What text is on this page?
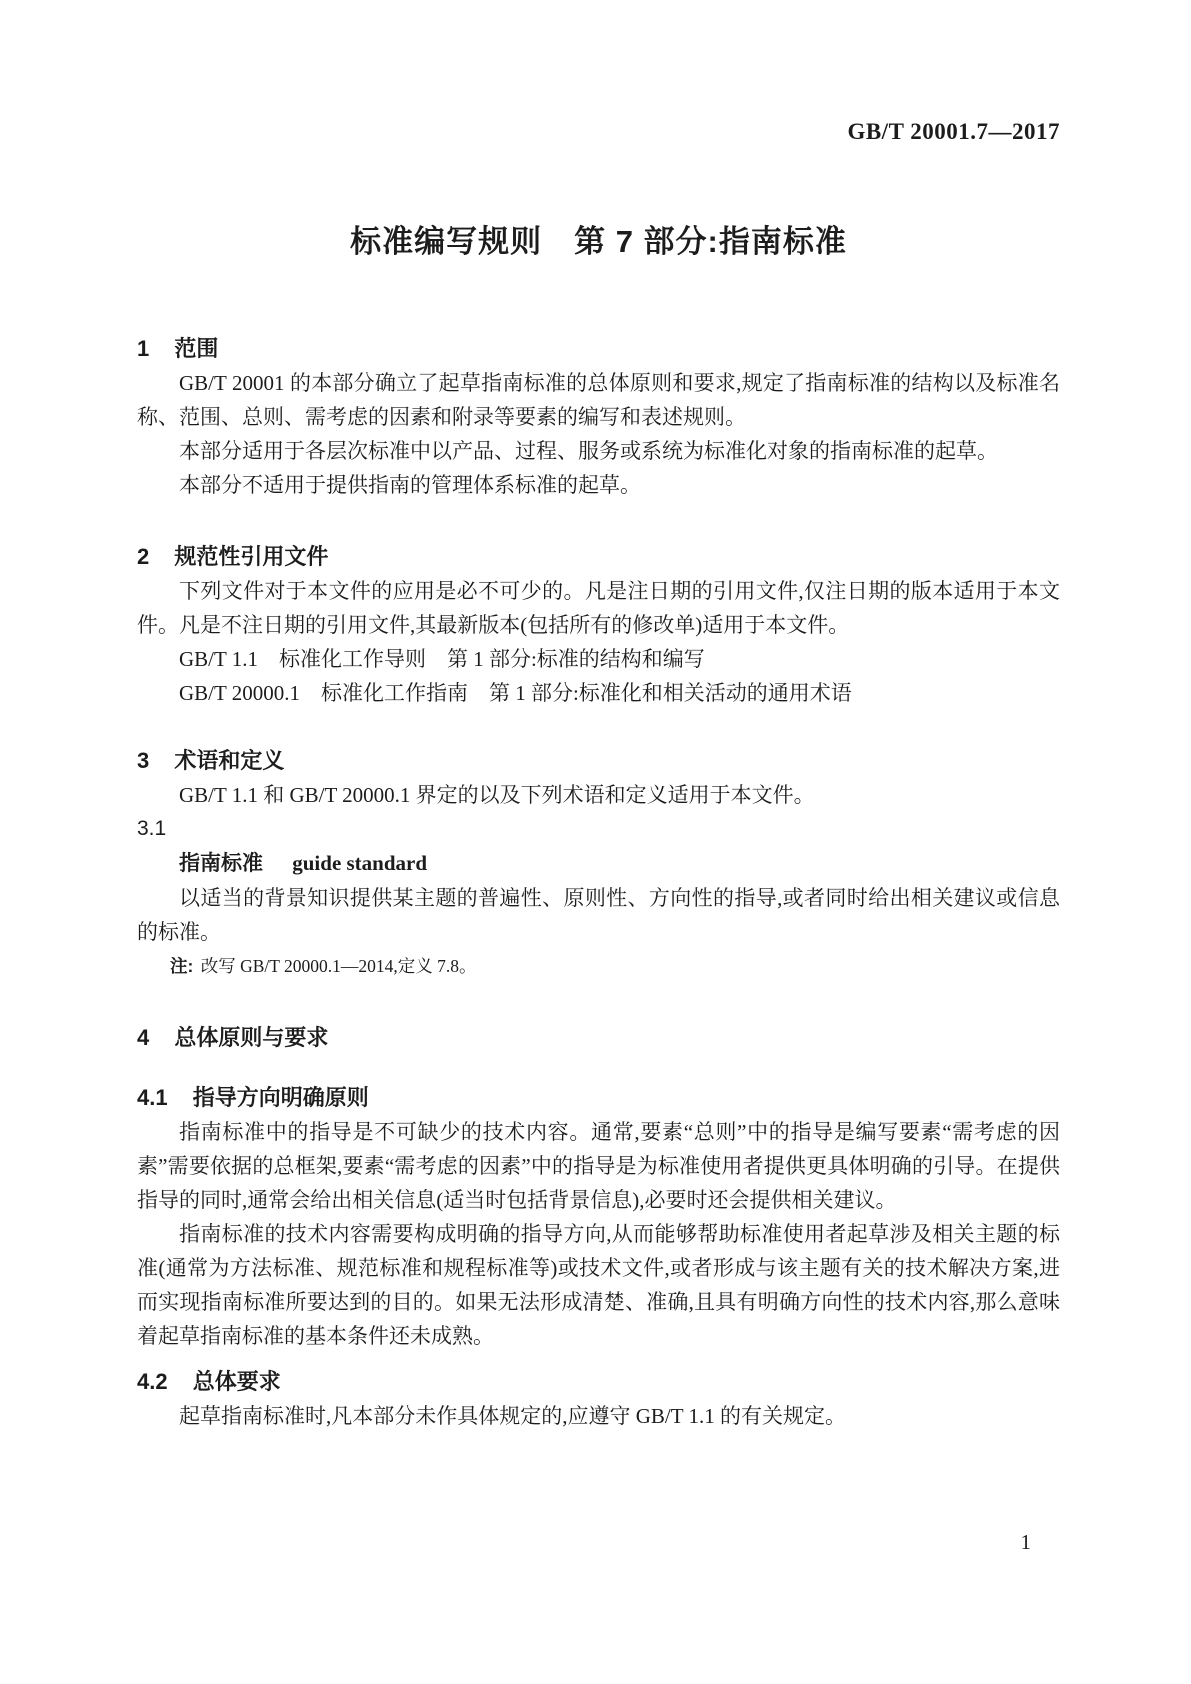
GB/T 20001.7—2017
标准编写规则　第 7 部分:指南标准
1 范围

GB/T 20001 的本部分确立了起草指南标准的总体原则和要求,规定了指南标准的结构以及标准名称、范围、总则、需考虑的因素和附录等要素的编写和表述规则。

本部分适用于各层次标准中以产品、过程、服务或系统为标准化对象的指南标准的起草。

本部分不适用于提供指南的管理体系标准的起草。

2 规范性引用文件

下列文件对于本文件的应用是必不可少的。凡是注日期的引用文件,仅注日期的版本适用于本文件。凡是不注日期的引用文件,其最新版本(包括所有的修改单)适用于本文件。

GB/T 1.1　标准化工作导则　第 1 部分:标准的结构和编写

GB/T 20000.1　标准化工作指南　第 1 部分:标准化和相关活动的通用术语

3 术语和定义

GB/T 1.1 和 GB/T 20000.1 界定的以及下列术语和定义适用于本文件。

3.1

指南标准 guide standard

以适当的背景知识提供某主题的普遍性、原则性、方向性的指导,或者同时给出相关建议或信息的标准。

注: 改写 GB/T 20000.1—2014,定义 7.8。

4 总体原则与要求
4.1 指导方向明确原则

指南标准中的指导是不可缺少的技术内容。通常,要素“总则”中的指导是编写要素“需考虑的因素”需要依据的总框架,要素“需考虑的因素”中的指导是为标准使用者提供更具体明确的引导。在提供指导的同时,通常会给出相关信息(适当时包括背景信息),必要时还会提供相关建议。

指南标准的技术内容需要构成明确的指导方向,从而能够帮助标准使用者起草涉及相关主题的标准(通常为方法标准、规范标准和规程标准等)或技术文件,或者形成与该主题有关的技术解决方案,进而实现指南标准所要达到的目的。如果无法形成清楚、准确,且具有明确方向性的技术内容,那么意味着起草指南标准的基本条件还未成熟。

4.2 总体要求

起草指南标准时,凡本部分未作具体规定的,应遵守 GB/T 1.1 的有关规定。

1
